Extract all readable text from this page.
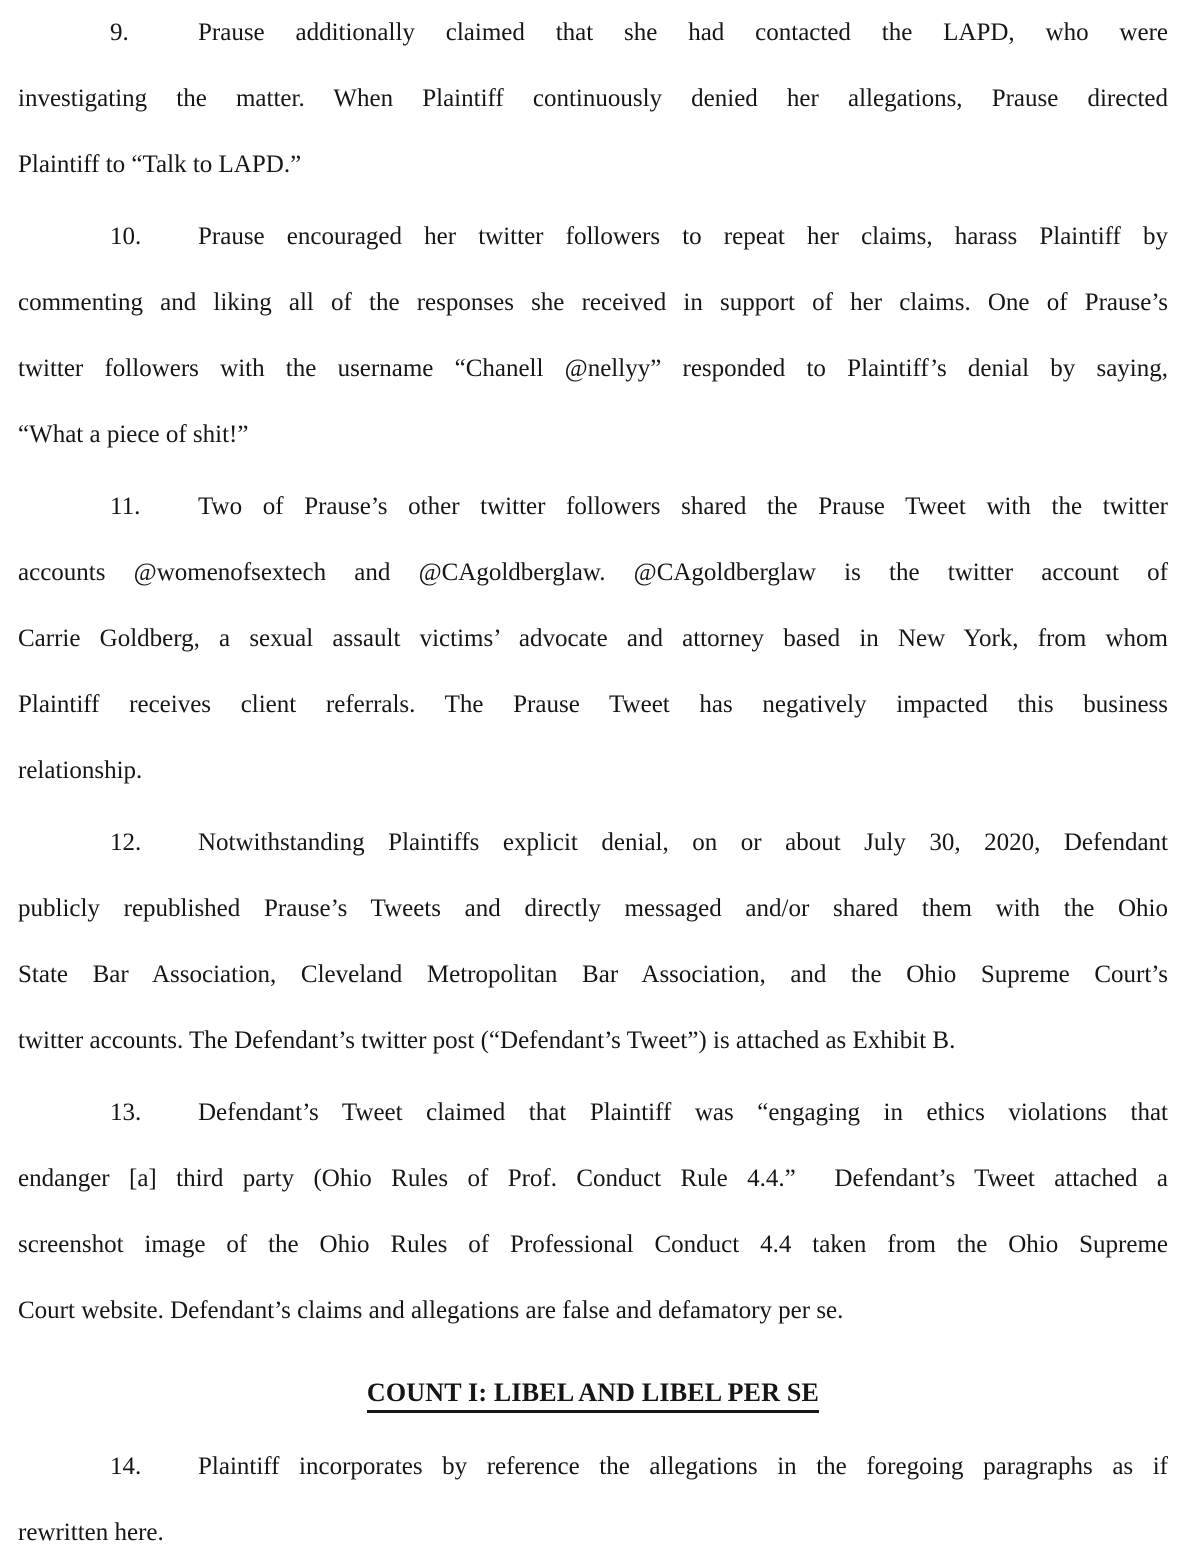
9.	Prause additionally claimed that she had contacted the LAPD, who were
investigating the matter. When Plaintiff continuously denied her allegations, Prause directed
Plaintiff to “Talk to LAPD.”
10. Prause encouraged her twitter followers to repeat her claims, harass Plaintiff by
commenting and liking all of the responses she received in support of her claims. One of Prause’s
twitter followers with the username “Chanell @nellyy” responded to Plaintiff’s denial by saying,
“What a piece of shit!”
11. Two of Prause’s other twitter followers shared the Prause Tweet with the twitter
accounts @womenofsextech and @CAgoldberglaw. @CAgoldberglaw is the twitter account of
Carrie Goldberg, a sexual assault victims’ advocate and attorney based in New York, from whom
Plaintiff receives client referrals. The Prause Tweet has negatively impacted this business
relationship.
12. Notwithstanding Plaintiffs explicit denial, on or about July 30, 2020, Defendant
publicly republished Prause’s Tweets and directly messaged and/or shared them with the Ohio
State Bar Association, Cleveland Metropolitan Bar Association, and the Ohio Supreme Court’s
twitter accounts. The Defendant’s twitter post (“Defendant’s Tweet”) is attached as Exhibit B.
13. Defendant’s Tweet claimed that Plaintiff was “engaging in ethics violations that
endanger [a] third party (Ohio Rules of Prof. Conduct Rule 4.4.”  Defendant’s Tweet attached a
screenshot image of the Ohio Rules of Professional Conduct 4.4 taken from the Ohio Supreme
Court website. Defendant’s claims and allegations are false and defamatory per se.
COUNT I: LIBEL AND LIBEL PER SE
14. Plaintiff incorporates by reference the allegations in the foregoing paragraphs as if
rewritten here.
